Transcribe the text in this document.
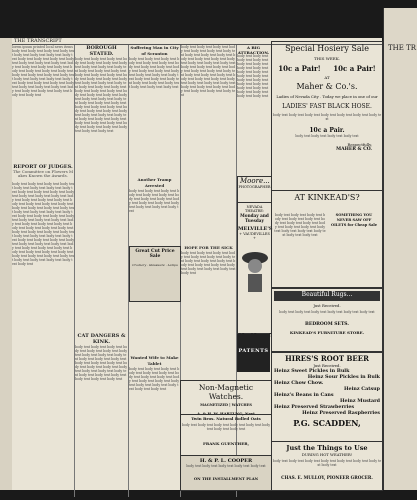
THE TRANSCRIPT
lorem ipsum printed local news items body text body text body text body text body text body text body text body text body text body text body text body text body text body text body text body text body text body text body text body text body text body text body text body text body text body text body text body text body text body text body text body text body text body text body text body text body text body text body text body text body text body text body text body text
REPORT OF JUDGES.
The Committee on Flowers Makes Known the Awards.
body text body text body text body text body text body text body text body text body text body text body text body text body text body text body text body text body text body text body text body text body text body text body text body text body text body text body text body text body text body text body text body text body text body text body text body text body text body text body text body text body text body text body text body text body text body text body text body text body text body text body text body text body text body text body text body text body text body text body text body text body text body text body text body text body text body text body text body text body text body text body text body text body text body text body text body text body text body text
BOROUGH STATED.
body text body text body text body text body text body text body text body text body text body text body text body text body text body text body text body text body text body text body text body text body text body text body text body text body text body text body text body text body text body text body text body text body text body text body text body text body text body text body text body text body text body text body text body text body text body text body text body text body text body text body text body text body text body text body text body text body text body text body text body text body text
CAT DANGERS & KINK.
body text body text body text body text body text body text body text body text body text body text body text body text body text body text body text body text body text body text body text body text body text body text body text body text body text body text body text body text body text
Suffering Man in City of Scranton
body text body text body text body text body text body text body text body text body text body text body text body text body text body text body text body text body text body text body text body text body text body text body text body text body text
Another Tramp Arrested
body text body text body text body text body text body text body text body text body text body text body text body text body text body text body text body text
Wanted Wife to Make Tablet
body text body text body text body text body text body text body text body text body text body text body text body text body text body text body text body text body text body text
body text body text body text body text body text body text body text body text body text body text body text body text body text body text body text body text body text body text body text body text body text body text body text body text body text body text body text body text body text body text body text body text body text body text body text body text body text body text body text body text body text
HOPE FOR THE SICK
body text body text body text body text body text body text body text body text body text body text body text body text body text body text body text body text body text body text
Great Cut Price Sale
Crockery · Glassware · Lamps
A BIG ATTRACTION.
body text body text body text body text body text body text body text body text body text body text body text body text body text body text body text body text body text body text body text body text body text body text
Moore...
PHOTOGRAPHER
NEVADA THEATRE:
Monday and Tuesday
MELVILLE'S
+ VAUDEVILLES +
PATENTS
Non-Magnetic Watches.
MAGNETIZED | WATCHES
A. & H. W. HARTUNG, Next
Twin Bros. Natural Rolled Oats
body text body text body text body text body text body text body text body text
FRANK GUENTHER,
H. & P. L. COOPER
body text body text body text body text body text
ON THE INSTALLMENT PLAN
Special Hosiery Sale
THIS WEEK.
10c a Pair! 10c a Pair!
AT
Maher & Co.'s.
Ladies of Nevada City . Today we place in one of our
LADIES' FAST BLACK HOSE.
body text body text body text body text body text body text body text
10c a Pair.
body text body text body text body text
Respectfully,
MAHER & CO.
AT KINKEAD'S?
body text body text body text body text body text body text body text body text body text body text body text body text body text body text body text body text body text body text
SOMETHING YOU
NEVER SAW OFF
OILETS for Cheap Sale
Beautiful Rugs...
Just Received.
body text body text body text body text body text body text
BEDROOM SETS.
KINKEAD'S FURNITURE STORE.
HIRES'S ROOT BEER
Just Received.
Heinz Sweet Pickles in Bulk
Heinz Sour Pickles in Bulk
Heinz Chow Chow.
Heinz Catsup
Heinz's Beans in Cans
Heinz Mustard
Heinz Preserved Strawberries
Heinz Preserved Raspberries
P.G. SCADDEN,
Just the Things to Use
DURING HOT WEATHER!
body text body text body text body text body text body text body text body text
CHAS. E. MULLOY, PIONEER GROCER.
THE TR
